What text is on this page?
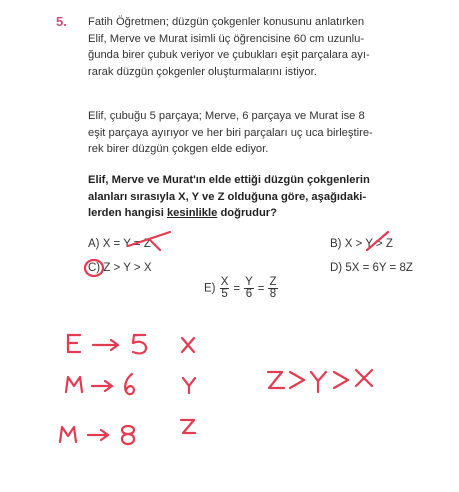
5. Fatih Öğretmen; düzgün çokgenler konusunu anlatırken
Elif, Merve ve Murat isimli üç öğrencisine 60 cm uzunlu-
ğunda birer çubuk veriyor ve çubukları eşit parçalara ayı-
rarak düzgün çokgenler oluşturmalarını istiyor.
Elif, çubuğu 5 parçaya; Merve, 6 parçaya ve Murat ise 8
eşit parçaya ayırıyor ve her biri parçaları uç uca birleştire-
rek birer düzgün çokgen elde ediyor.
Elif, Merve ve Murat'ın elde ettiği düzgün çokgenlerin
alanları sırasıyla X, Y ve Z olduğuna göre, aşağıdaki-
lerden hangisi kesinlikle doğrudur?
A) X = Y = Z	B) X > Y > Z
C) Z > Y > X	D) 5X = 6Y = 8Z
$E) \frac{X}{5} = \frac{Y}{6} = \frac{Z}{8}$
